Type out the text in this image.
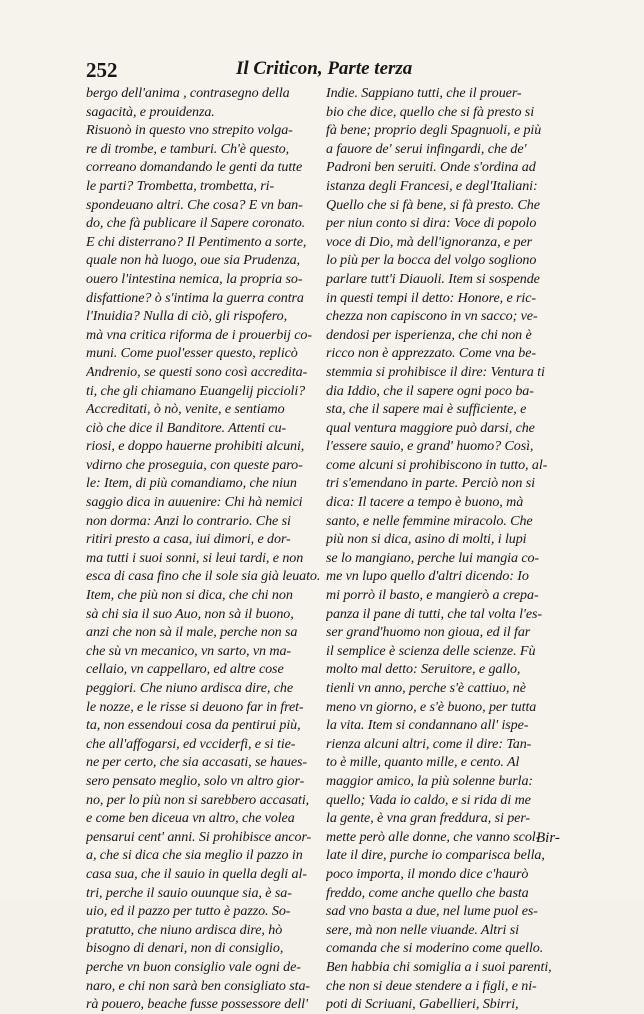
252	Il Criticon, Parte terza
bergo dell'anima , contrasegno della
sagacità, e prouidenza.
Risuonò in questo vno strepito volga-
re di trombe, e tamburi. Ch'è questo,
correano domandando le genti da tutte
le parti? Trombetta, trombetta, ri-
spondeuano altri. Che cosa? E vn ban-
do, che fà publicare il Sapere coronato.
E chi disterrano? Il Pentimento a sorte,
quale non hà luogo, oue sia Prudenza,
ouero l'intestina nemica, la propria so-
disfattione? ò s'intima la guerra contra
l'Inuidia? Nulla di ciò, gli rispofero,
mà vna critica riforma de i prouerbij co-
muni. Come puol'esser questo, replicò
Andrenio, se questi sono così accredita-
ti, che gli chiamano Euangelij piccioli?
Accreditati, ò nò, venite, e sentiamo
ciò che dice il Banditore. Attenti cu-
riosi, e doppo hauerne prohibiti alcuni,
vdirno che proseguia, con queste paro-
le: Item, di più comandiamo, che niun
saggio dica in auuenire: Chi hà nemici
non dorma: Anzi lo contrario. Che si
ritiri presto a casa, iui dimori, e dor-
ma tutti i suoi sonni, si leui tardi, e non
esca di casa fino che il sole sia già leuato.
Item, che più non si dica, che chi non
sà chi sia il suo Auo, non sà il buono,
anzi che non sà il male, perche non sa
che sù vn mecanico, vn sarto, vn ma-
cellaio, vn cappellaro, ed altre cose
peggiori. Che niuno ardisca dire, che
le nozze, e le risse si deuono far in fret-
ta, non essendoui cosa da pentirui più,
che all'affogarsi, ed vcciderfi, e si tie-
ne per certo, che sia accasati, se haues-
sero pensato meglio, solo vn altro gior-
no, per lo più non si sarebbero accasati,
e come ben diceua vn altro, che volea
pensarui cent' anni. Si prohibisce ancor-
a, che si dica che sia meglio il pazzo in
casa sua, che il sauio in quella degli al-
tri, perche il sauio ouunque sia, è sa-
uio, ed il pazzo per tutto è pazzo. So-
pratutto, che niuno ardisca dire, hò
bisogno di denari, non di consiglio,
perche vn buon consiglio vale ogni de-
naro, e chi non sarà ben consigliato sta-
rà pouero, beache fusse possessore dell'
Indie. Sappiano tutti, che il prouer-
bio che dice, quello che si fà presto si
fà bene; proprio degli Spagnuoli, e più
a fauore de' serui infingardi, che de'
Padroni ben seruiti. Onde s'ordina ad
istanza degli Francesi, e degl'Italiani:
Quello che si fà bene, si fà presto. Che
per niun conto si dira: Voce di popolo
voce di Dio, mà dell'ignoranza, e per
lo più per la bocca del volgo sogliono
parlare tutt'i Diauoli. Item si sospende
in questi tempi il detto: Honore, e ric-
chezza non capiscono in vn sacco; ve-
dendosi per isperienza, che chi non è
ricco non è apprezzato. Come vna be-
stemmia si prohibisce il dire: Ventura ti
dia Iddio, che il sapere ogni poco ba-
sta, che il sapere mai è sufficiente, e
qual ventura maggiore può darsi, che
l'essere sauio, e grand' huomo? Così,
come alcuni si prohibiscono in tutto, al-
tri s'emendano in parte. Perciò non si
dica: Il tacere a tempo è buono, mà
santo, e nelle femmine miracolo. Che
più non si dica, asino di molti, i lupi
se lo mangiano, perche lui mangia co-
me vn lupo quello d'altri dicendo: Io
mi porrò il basto, e mangierò a crepa-
panza il pane di tutti, che tal volta l'es-
ser grand'huomo non gioua, ed il far
il semplice è scienza delle scienze. Fù
molto mal detto: Seruitore, e gallo,
tienli vn anno, perche s'è cattiuo, nè
meno vn giorno, e s'è buono, per tutta
la vita. Item si condannano all' ispe-
rienza alcuni altri, come il dire: Tan-
to è mille, quanto mille, e cento. Al
maggior amico, la più solenne burla:
quello; Vada io caldo, e si rida di me
la gente, è vna gran freddura, si per-
mette però alle donne, che vanno scol-
late il dire, purche io comparisca bella,
poco importa, il mondo dice c'haurò
freddo, come anche quello che basta
sad vno basta a due, nel lume puol es-
sere, mà non nelle viuande. Altri si
comanda che si moderino come quello.
Ben habbia chi somiglia a i suoi parenti,
che non si deue stendere a i figli, e ni-
poti di Scriuani, Gabellieri, Sbirri,
Bir-
